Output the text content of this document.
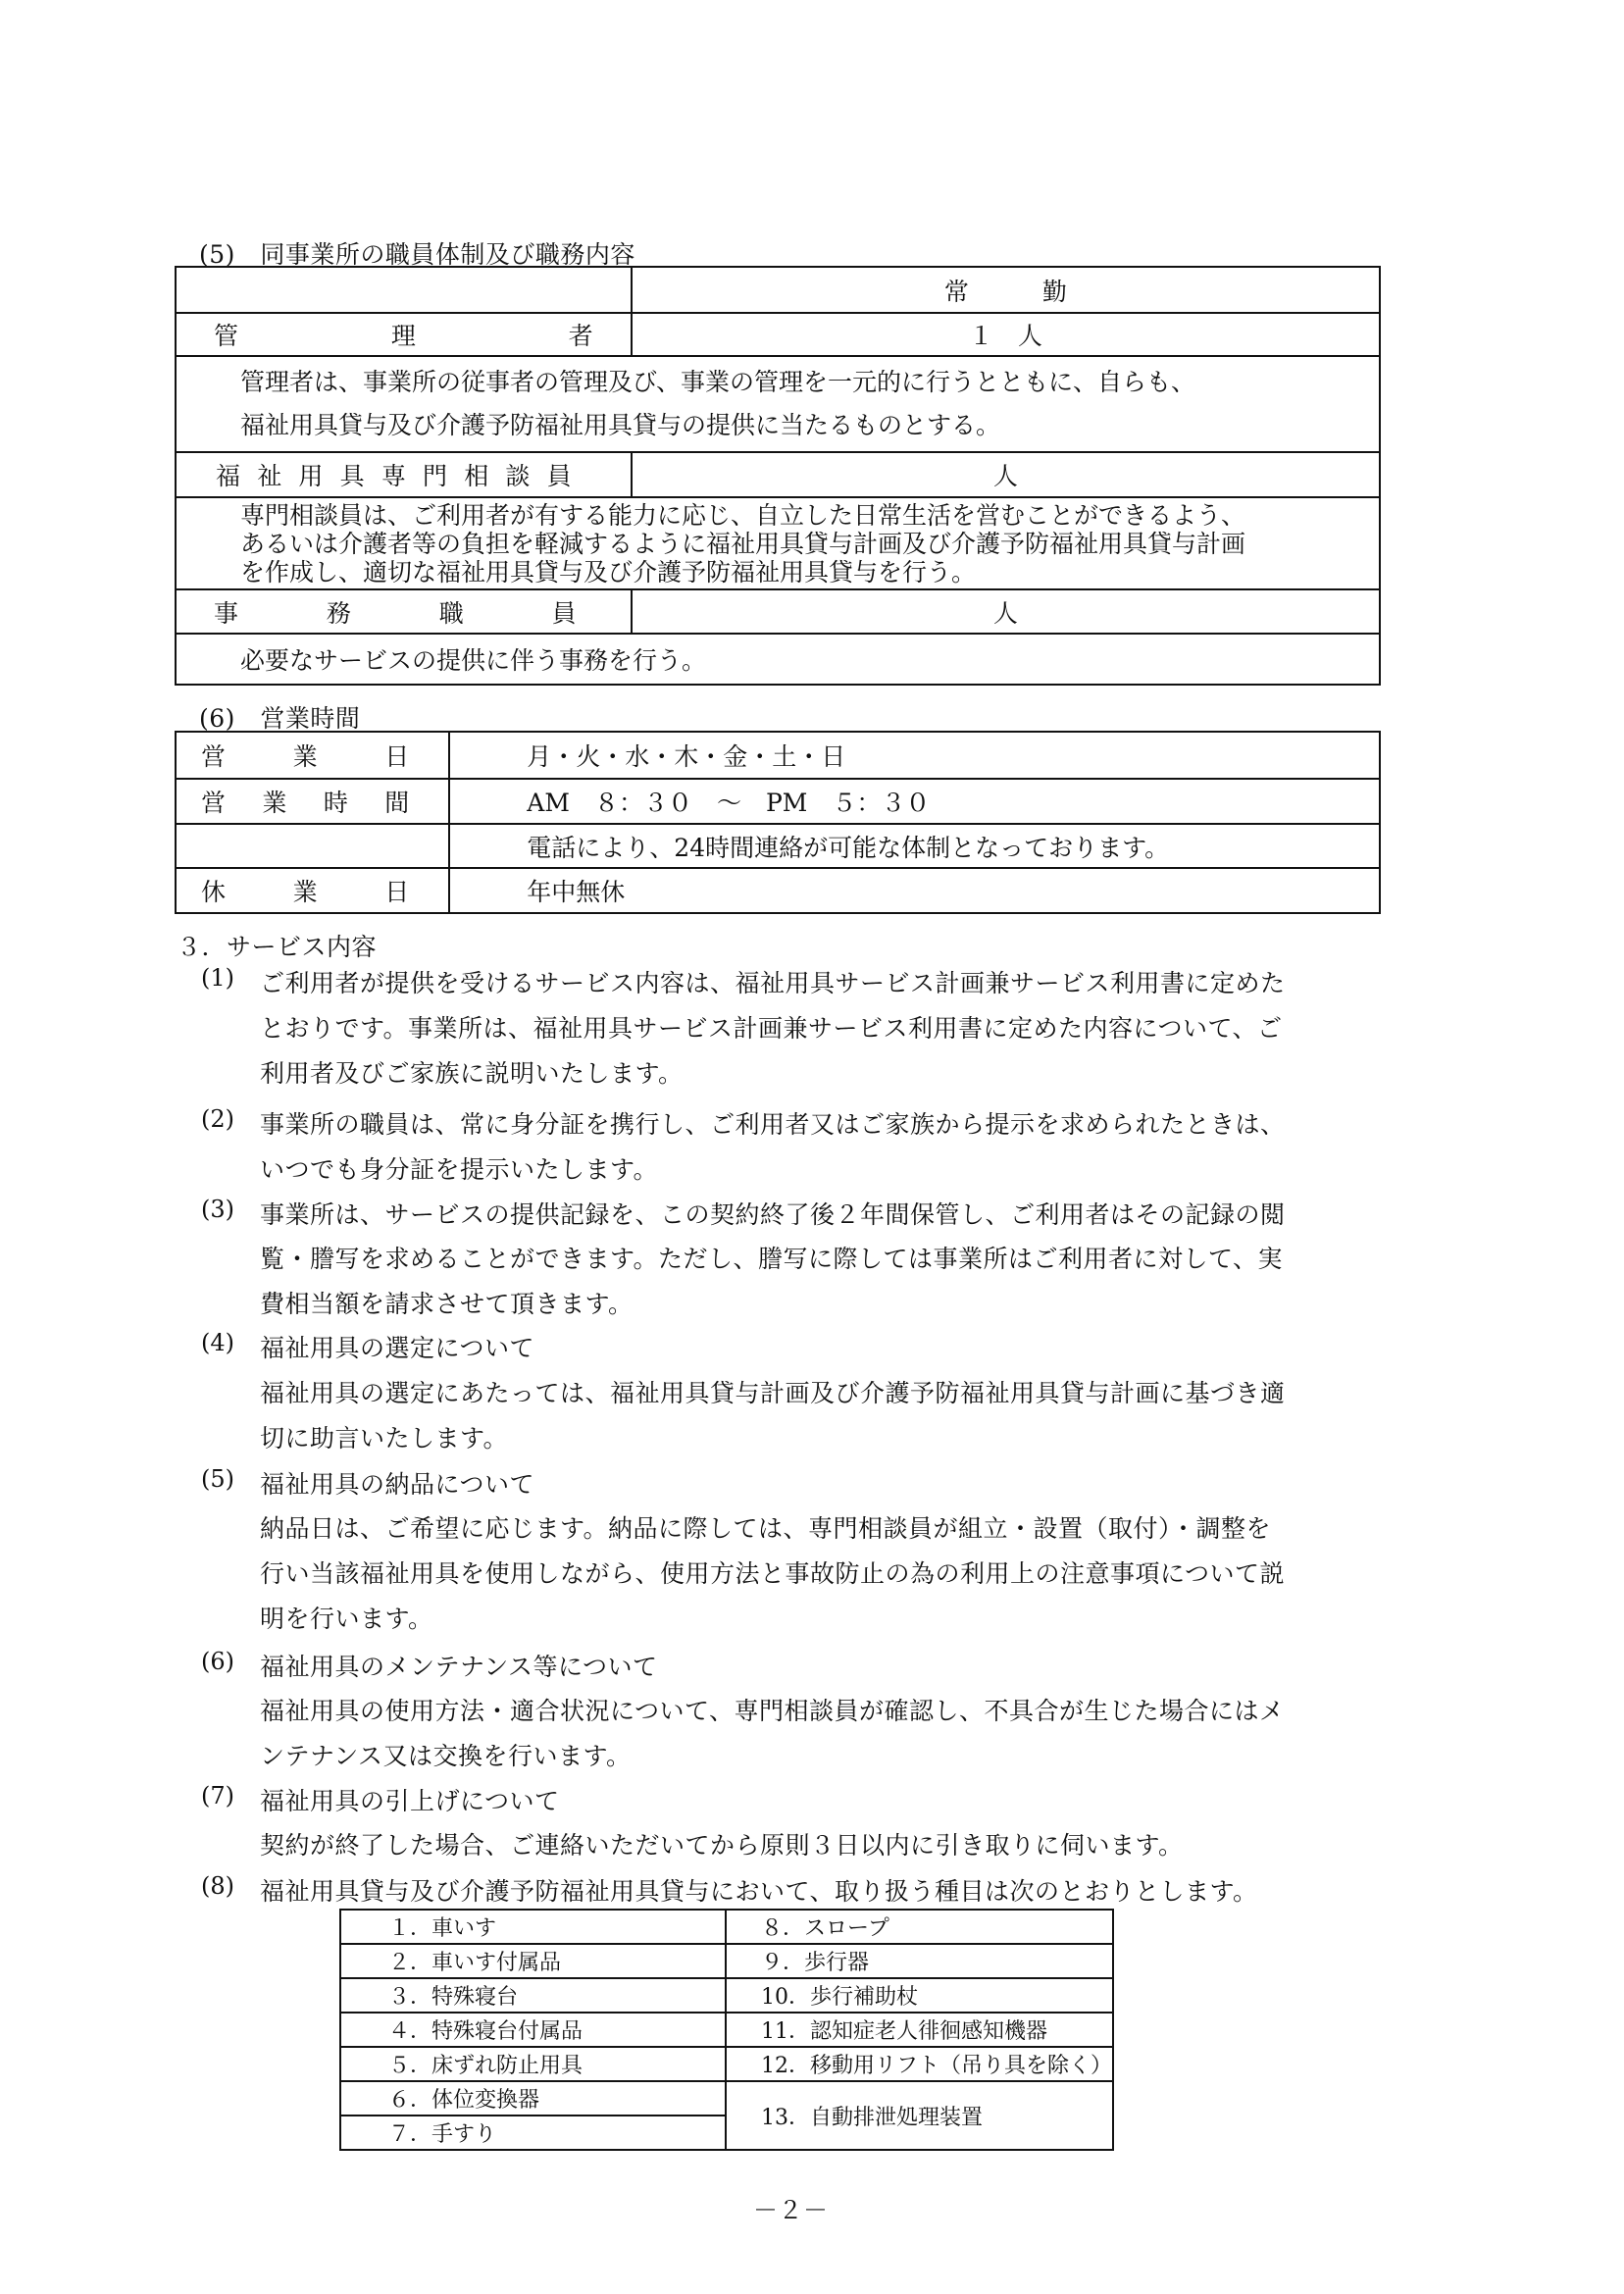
(5)　同事業所の職員体制及び職務内容
	常　　　勤

管理者	１　人

管理者は、事業所の従事者の管理及び、事業の管理を一元的に行うとともに、自らも、
福祉用具貸与及び介護予防福祉用具貸与の提供に当たるものとする。	

福祉用具専門相談員	人

専門相談員は、ご利用者が有する能力に応じ、自立した日常生活を営むことができるよう、
あるいは介護者等の負担を軽減するように福祉用具貸与計画及び介護予防福祉用具貸与計画
を作成し、適切な福祉用具貸与及び介護予防福祉用具貸与を行う。	

事務職員	人
必要なサービスの提供に伴う事務を行う。	
(6)　営業時間
営業日	月・火・水・木・金・土・日

営業時間	AM　８：３０　～　PM　５：３０
	電話により、24時間連絡が可能な体制となっております。

休業日	年中無休
３．サービス内容
(1) ご利用者が提供を受けるサービス内容は、福祉用具サービス計画兼サービス利用書に定めた
とおりです。事業所は、福祉用具サービス計画兼サービス利用書に定めた内容について、ご
利用者及びご家族に説明いたします。
(2) 事業所の職員は、常に身分証を携行し、ご利用者又はご家族から提示を求められたときは、
いつでも身分証を提示いたします。
(3) 事業所は、サービスの提供記録を、この契約終了後２年間保管し、ご利用者はその記録の閲
覧・謄写を求めることができます。ただし、謄写に際しては事業所はご利用者に対して、実
費相当額を請求させて頂きます。
(4) 福祉用具の選定について
福祉用具の選定にあたっては、福祉用具貸与計画及び介護予防福祉用具貸与計画に基づき適
切に助言いたします。
(5) 福祉用具の納品について
納品日は、ご希望に応じます。納品に際しては、専門相談員が組立・設置（取付）・調整を
行い当該福祉用具を使用しながら、使用方法と事故防止の為の利用上の注意事項について説
明を行います。
(6) 福祉用具のメンテナンス等について
福祉用具の使用方法・適合状況について、専門相談員が確認し、不具合が生じた場合にはメ
ンテナンス又は交換を行います。
(7) 福祉用具の引上げについて
契約が終了した場合、ご連絡いただいてから原則３日以内に引き取りに伺います。
(8) 福祉用具貸与及び介護予防福祉用具貸与において、取り扱う種目は次のとおりとします。
１．車いす	８．スロープ
２．車いす付属品	９．歩行器
３．特殊寝台	10．歩行補助杖
４．特殊寝台付属品	11．認知症老人徘徊感知機器
５．床ずれ防止用具	12．移動用リフト（吊り具を除く）
６．体位変換器	13．自動排泄処理装置
７．手すり	
－２－
